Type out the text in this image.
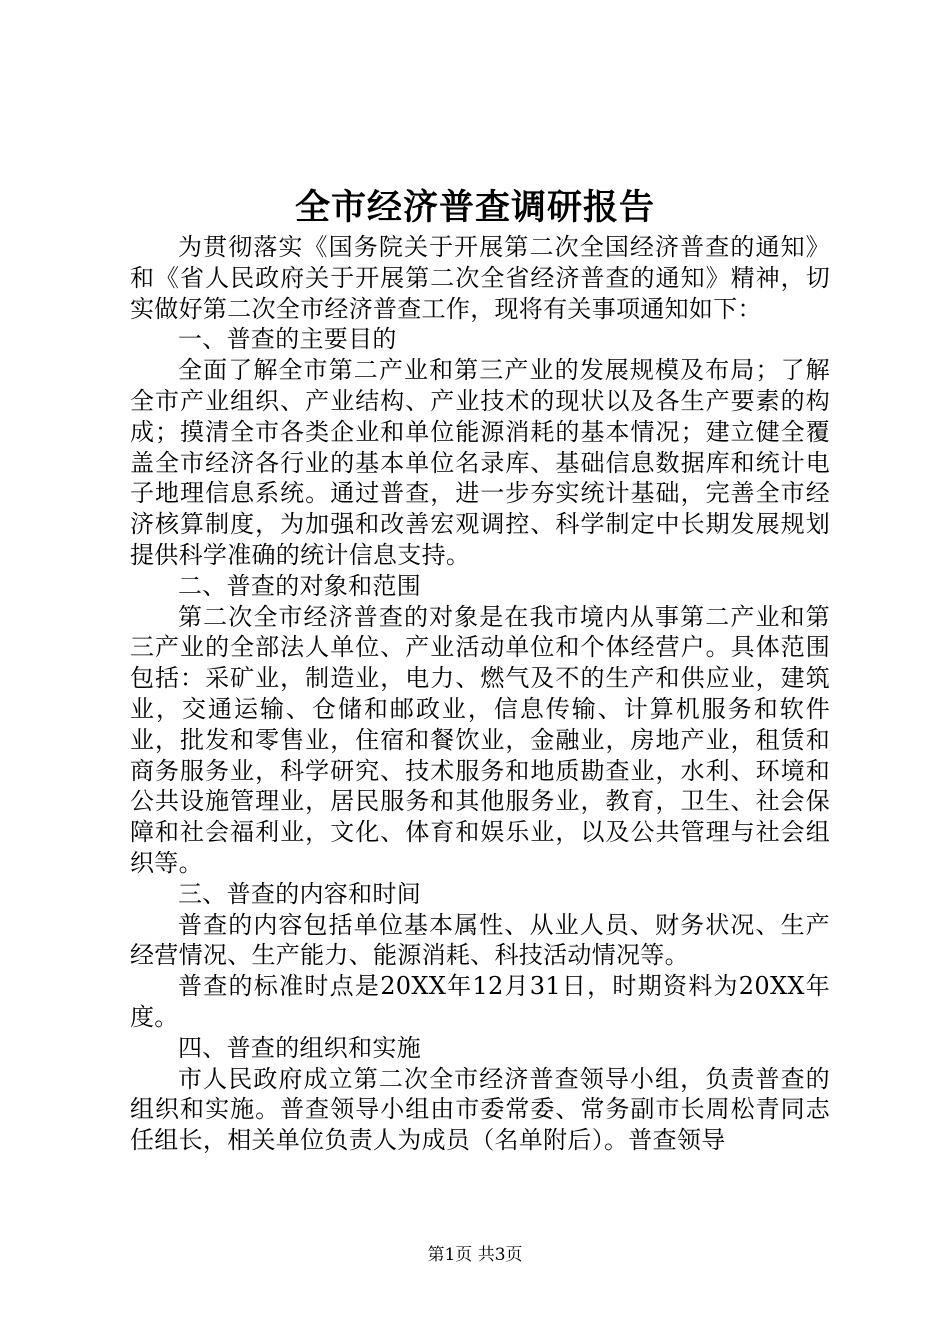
全市经济普查调研报告

为贯彻落实《国务院关于开展第二次全国经济普查的通知》和《省人民政府关于开展第二次全省经济普查的通知》精神，切实做好第二次全市经济普查工作，现将有关事项通知如下：

一、普查的主要目的

全面了解全市第二产业和第三产业的发展规模及布局；了解全市产业组织、产业结构、产业技术的现状以及各生产要素的构成；摸清全市各类企业和单位能源消耗的基本情况；建立健全覆盖全市经济各行业的基本单位名录库、基础信息数据库和统计电子地理信息系统。通过普查，进一步夯实统计基础，完善全市经济核算制度，为加强和改善宏观调控、科学制定中长期发展规划提供科学准确的统计信息支持。

二、普查的对象和范围

第二次全市经济普查的对象是在我市境内从事第二产业和第三产业的全部法人单位、产业活动单位和个体经营户。具体范围包括：采矿业，制造业，电力、燃气及不的生产和供应业，建筑业，交通运输、仓储和邮政业，信息传输、计算机服务和软件业，批发和零售业，住宿和餐饮业，金融业，房地产业，租赁和商务服务业，科学研究、技术服务和地质勘查业，水利、环境和公共设施管理业，居民服务和其他服务业，教育，卫生、社会保障和社会福利业，文化、体育和娱乐业，以及公共管理与社会组织等。

三、普查的内容和时间

普查的内容包括单位基本属性、从业人员、财务状况、生产经营情况、生产能力、能源消耗、科技活动情况等。

普查的标准时点是20XX年12月31日，时期资料为20XX年度。

四、普查的组织和实施

市人民政府成立第二次全市经济普查领导小组，负责普查的组织和实施。普查领导小组由市委常委、常务副市长周松青同志任组长，相关单位负责人为成员（名单附后）。普查领导

第1页 共3页
